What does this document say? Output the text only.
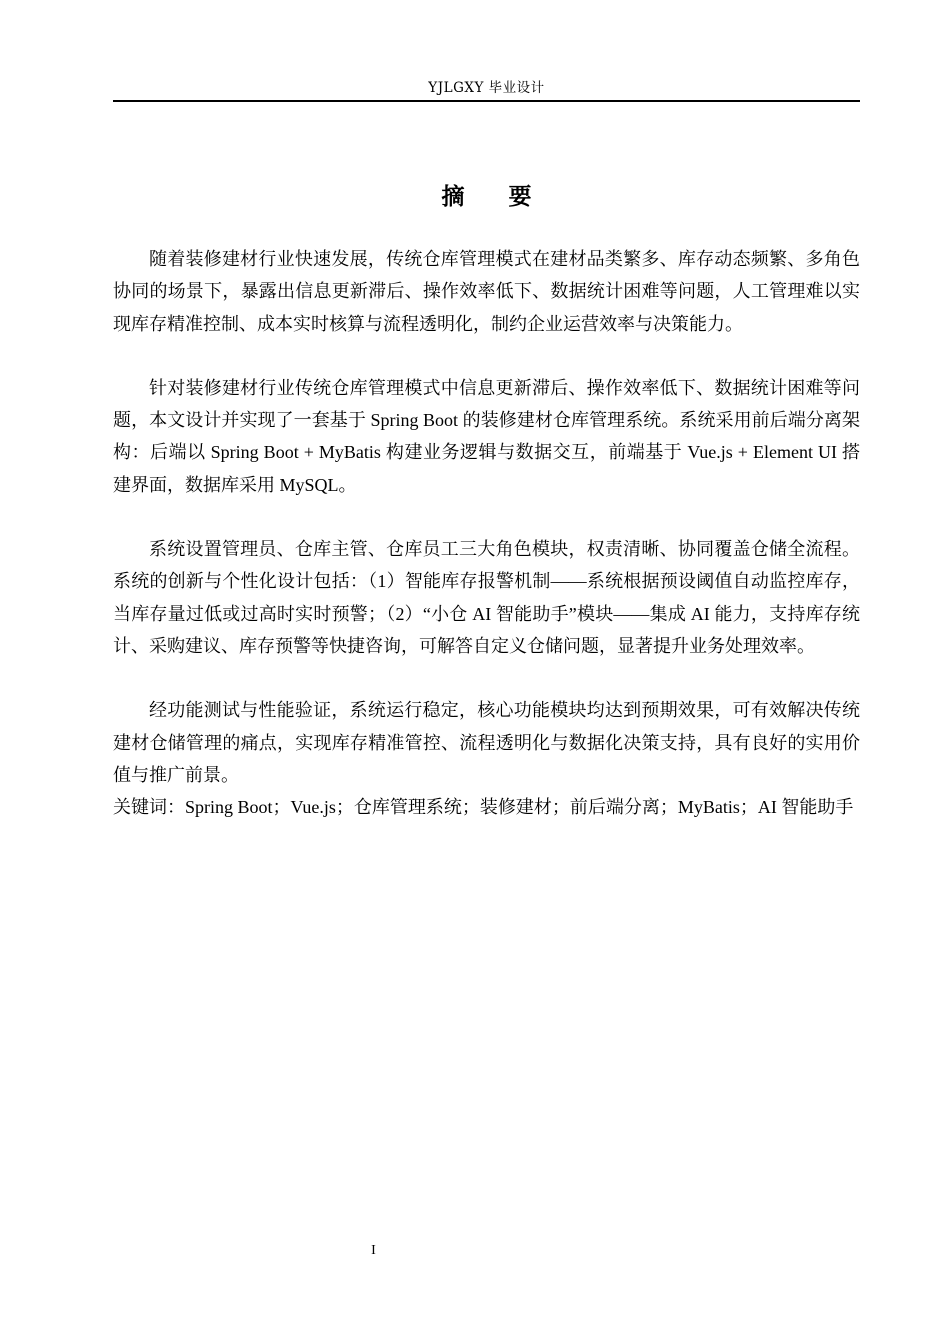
YJLGXY 毕业设计
摘 要

随着装修建材行业快速发展，传统仓库管理模式在建材品类繁多、库存动态频繁、多角色协同的场景下，暴露出信息更新滞后、操作效率低下、数据统计困难等问题，人工管理难以实现库存精准控制、成本实时核算与流程透明化，制约企业运营效率与决策能力。

针对装修建材行业传统仓库管理模式中信息更新滞后、操作效率低下、数据统计困难等问题，本文设计并实现了一套基于 Spring Boot 的装修建材仓库管理系统。系统采用前后端分离架构：后端以 Spring Boot + MyBatis 构建业务逻辑与数据交互，前端基于 Vue.js + Element UI 搭建界面，数据库采用 MySQL。

系统设置管理员、仓库主管、仓库员工三大角色模块，权责清晰、协同覆盖仓储全流程。系统的创新与个性化设计包括：（1）智能库存报警机制——系统根据预设阈值自动监控库存，当库存量过低或过高时实时预警；（2）“小仓 AI 智能助手”模块——集成 AI 能力，支持库存统计、采购建议、库存预警等快捷咨询，可解答自定义仓储问题，显著提升业务处理效率。

经功能测试与性能验证，系统运行稳定，核心功能模块均达到预期效果，可有效解决传统建材仓储管理的痛点，实现库存精准管控、流程透明化与数据化决策支持，具有良好的实用价值与推广前景。

关键词：Spring Boot；Vue.js；仓库管理系统；装修建材；前后端分离；MyBatis；AI 智能助手

I
